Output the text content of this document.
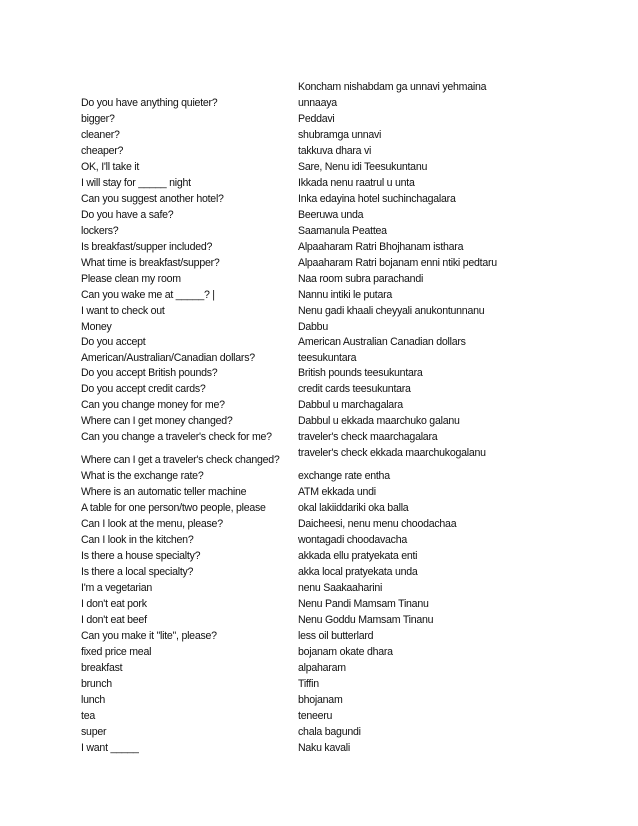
Do you have anything quieter?
bigger?
cleaner?
cheaper?
OK, I'll take it
I will stay for _____ night
Can you suggest another hotel?
Do you have a safe?
lockers?
Is breakfast/supper included?
What time is breakfast/supper?
Please clean my room
Can you wake me at _____? |
I want to check out
Money
Do you accept American/Australian/Canadian dollars?
Do you accept British pounds?
Do you accept credit cards?
Can you change money for me?
Where can I get money changed?
Can you change a traveler's check for me?
Where can I get a traveler's check changed?
What is the exchange rate?
Where is an automatic teller machine
A table for one person/two people, please
Can I look at the menu, please?
Can I look in the kitchen?
Is there a house specialty?
Is there a local specialty?
I'm a vegetarian
I don't eat pork
I don't eat beef
Can you make it "lite", please?
fixed price meal
breakfast
brunch
lunch
tea
super
I want _____
Koncham nishabdam ga unnavi yehmaina unnaaya
Peddavi
shubramga unnavi
takkuva dhara vi
Sare, Nenu idi Teesukuntanu
Ikkada nenu raatrul u unta
Inka edayina hotel suchinchagalara
Beeruwa unda
Saamanula Peattea
Alpaaharam Ratri Bhojhanam isthara
Alpaaharam Ratri bojanam enni ntiki pedtaru
Naa room subra parachandi
Nannu intiki le putara
Nenu gadi khaali cheyyali anukontunnanu
Dabbu
American Australian Canadian dollars teesukuntara
British pounds teesukuntara
credit cards teesukuntara
Dabbul u marchagalara
Dabbul u ekkada maarchuko galanu
traveler's check maarchagalara
traveler's check ekkada maarchukogalanu
exchange rate entha
ATM ekkada undi
okal lakiiddariki oka balla
Daicheesi, nenu menu choodachaa
wontagadi choodavacha
akkada ellu pratyekata enti
akka local pratyekata unda
nenu Saakaaharini
Nenu Pandi Mamsam Tinanu
Nenu Goddu Mamsam Tinanu
less oil butterlard
bojanam okate dhara
alpaharam
Tiffin
bhojanam
teneeru
chala bagundi
Naku kavali
